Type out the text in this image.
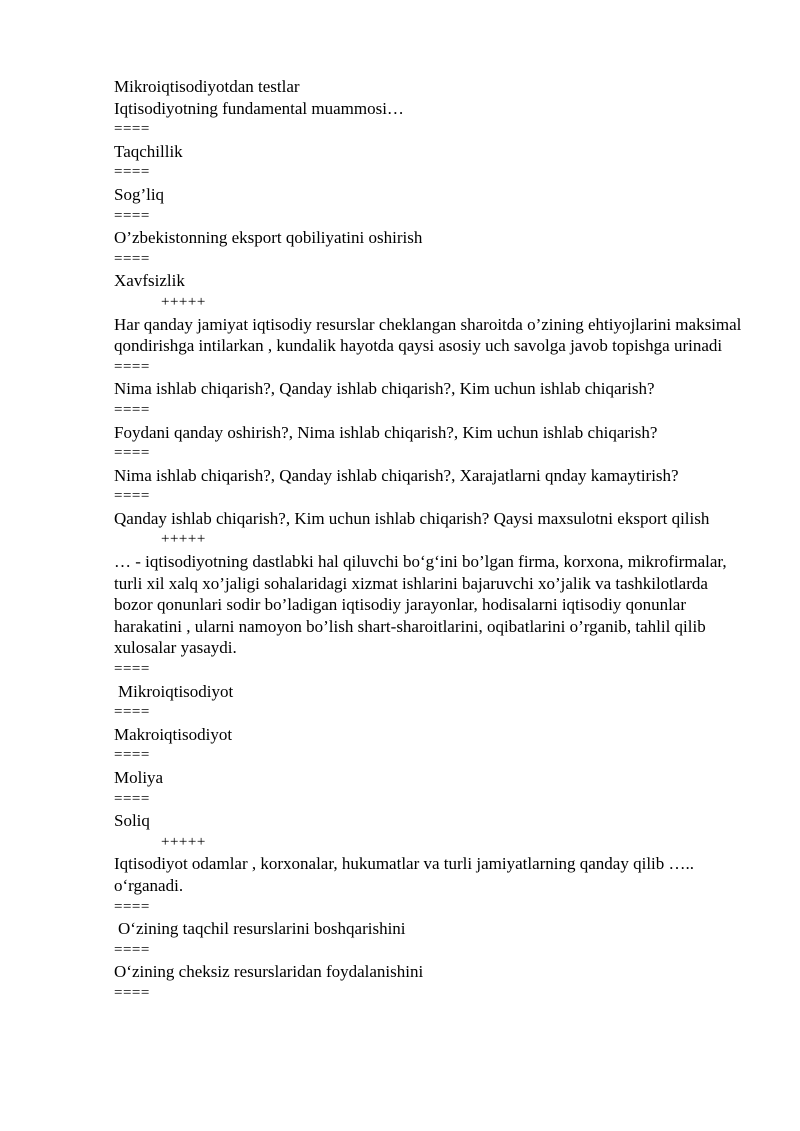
Mikroiqtisodiyotdan testlar

Iqtisodiyotning fundamental muammosi…

====

Taqchillik

====

Sog’liq

====

O’zbekistonning eksport qobiliyatini oshirish

====

Xavfsizlik

+++++

Har qanday jamiyat iqtisodiy resurslar cheklangan sharoitda o’zining ehtiyojlarini maksimal qondirishga intilarkan , kundalik hayotda qaysi asosiy uch savolga javob topishga urinadi

====

Nima ishlab chiqarish?, Qanday ishlab chiqarish?, Kim uchun ishlab chiqarish?

====

Foydani qanday oshirish?, Nima ishlab chiqarish?, Kim uchun ishlab chiqarish?

====

Nima ishlab chiqarish?, Qanday ishlab chiqarish?, Xarajatlarni qnday kamaytirish?

====

Qanday ishlab chiqarish?, Kim uchun ishlab chiqarish? Qaysi maxsulotni eksport qilish

+++++

… - iqtisodiyotning dastlabki hal qiluvchi bo‘g‘ini bo’lgan firma, korxona, mikrofirmalar, turli xil xalq xo’jaligi sohalaridagi xizmat ishlarini bajaruvchi xo’jalik va tashkilotlarda bozor qonunlari sodir bo’ladigan iqtisodiy jarayonlar, hodisalarni iqtisodiy qonunlar harakatini , ularni namoyon bo’lish shart-sharoitlarini, oqibatlarini o’rganib, tahlil qilib xulosalar yasaydi.

====

Mikroiqtisodiyot

====

Makroiqtisodiyot

====

Moliya

====

Soliq

+++++

Iqtisodiyot odamlar , korxonalar, hukumatlar va turli jamiyatlarning qanday qilib ….. o‘rganadi.

====

O‘zining taqchil resurslarini boshqarishini

====

O‘zining cheksiz resurslaridan foydalanishini

====
